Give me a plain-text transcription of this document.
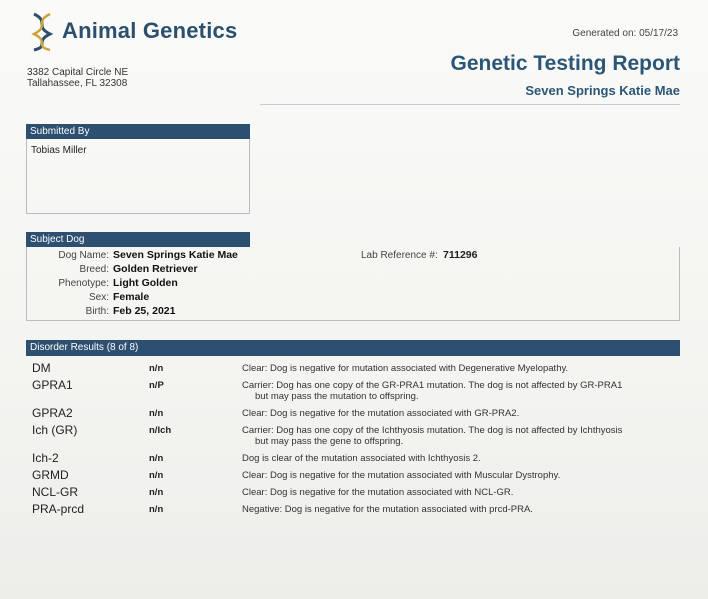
Animal Genetics
3382 Capital Circle NE
Tallahassee, FL 32308
Generated on: 05/17/23
Genetic Testing Report
Seven Springs Katie Mae
Submitted By
Tobias Miller
Subject Dog
Dog Name: Seven Springs Katie Mae
Breed: Golden Retriever
Phenotype: Light Golden
Sex: Female
Birth: Feb 25, 2021
Lab Reference #: 711296
Disorder Results (8 of 8)
DM	n/n	Clear: Dog is negative for mutation associated with Degenerative Myelopathy.
GPRA1	n/P	Carrier: Dog has one copy of the GR-PRA1 mutation. The dog is not affected by GR-PRA1
but may pass the mutation to offspring.
GPRA2	n/n	Clear: Dog is negative for the mutation associated with GR-PRA2.
Ich (GR)	n/Ich	Carrier: Dog has one copy of the Ichthyosis mutation. The dog is not affected by Ichthyosis
but may pass the gene to offspring.
Ich-2	n/n	Dog is clear of the mutation associated with Ichthyosis 2.
GRMD	n/n	Clear: Dog is negative for the mutation associated with Muscular Dystrophy.
NCL-GR	n/n	Clear: Dog is negative for the mutation associated with NCL-GR.
PRA-prcd	n/n	Negative: Dog is negative for the mutation associated with prcd-PRA.
